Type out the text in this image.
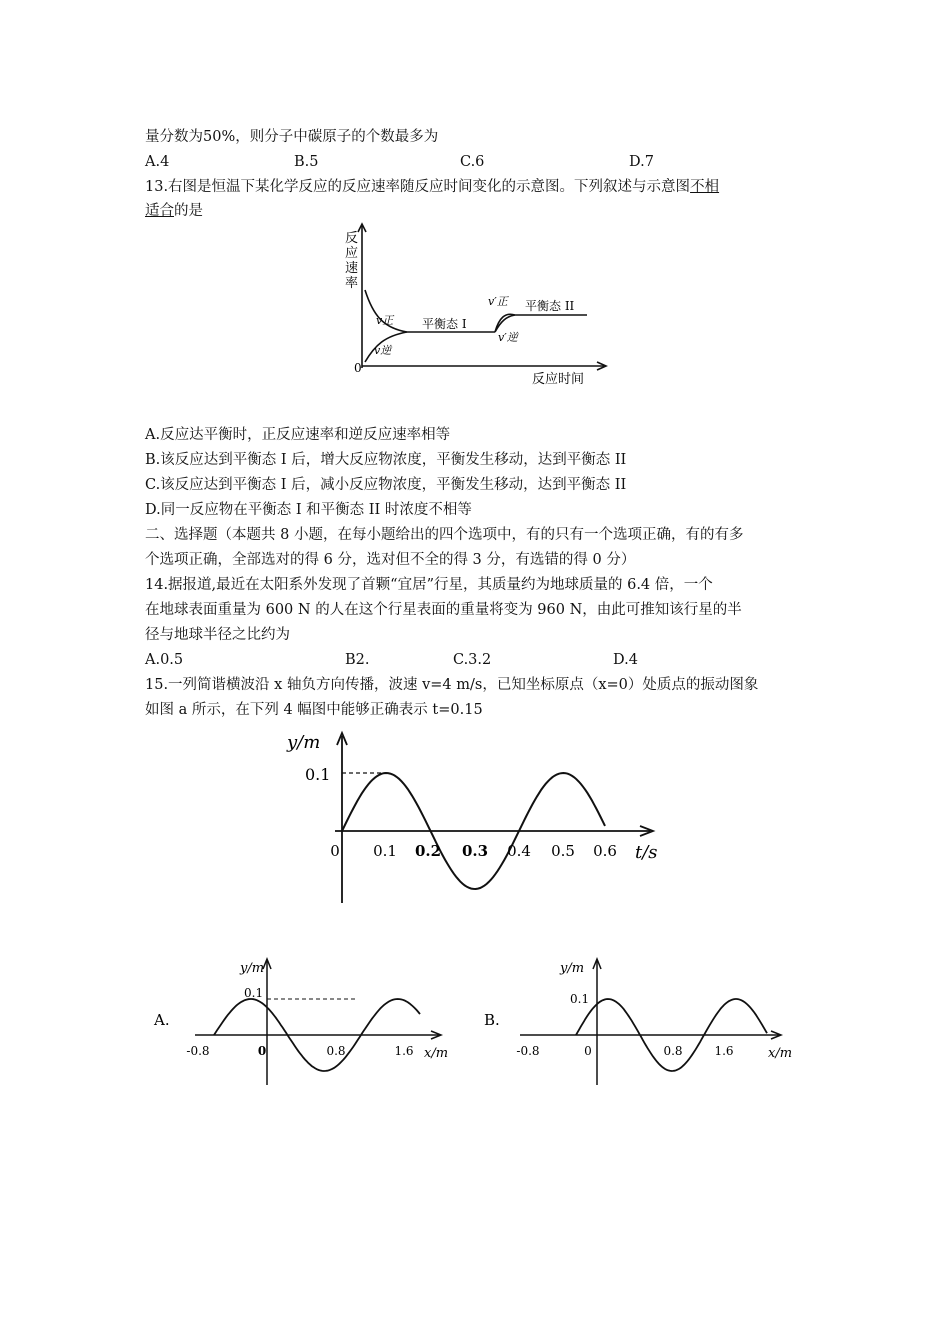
量分数为50%，则分子中碳原子的个数最多为
A.4	B.5	C.6	D.7
13.右图是恒温下某化学反应的反应速率随反应时间变化的示意图。下列叙述与示意图不相
适合的是
反
应
速
率
0
反应时间
v正
v逆
平衡态 I
v′正
v′逆
平衡态 II
A.反应达平衡时，正反应速率和逆反应速率相等
B.该反应达到平衡态 I 后，增大反应物浓度，平衡发生移动，达到平衡态 II
C.该反应达到平衡态 I 后，减小反应物浓度，平衡发生移动，达到平衡态 II
D.同一反应物在平衡态 I 和平衡态 II 时浓度不相等
二、选择题（本题共 8 小题，在每小题给出的四个选项中，有的只有一个选项正确，有的有多
个选项正确，全部选对的得 6 分，选对但不全的得 3 分，有选错的得 0 分）
14.据报道,最近在太阳系外发现了首颗“宜居”行星，其质量约为地球质量的 6.4 倍，一个
在地球表面重量为 600 N 的人在这个行星表面的重量将变为 960 N，由此可推知该行星的半
径与地球半径之比约为
A.0.5	B2.	C.3.2	D.4
15.一列简谐横波沿 x 轴负方向传播，波速 v=4 m/s，已知坐标原点（x=0）处质点的振动图象
如图 a 所示，在下列 4 幅图中能够正确表示 t=0.15
y/m
0.1
t/s
0 0.1 0.2 0.3 0.4 0.5 0.6
A.
y/m
0.1
x/m
-0.8	0	0.8	1.6
B.
y/m
0.1
x/m
-0.8	0	0.8	1.6
